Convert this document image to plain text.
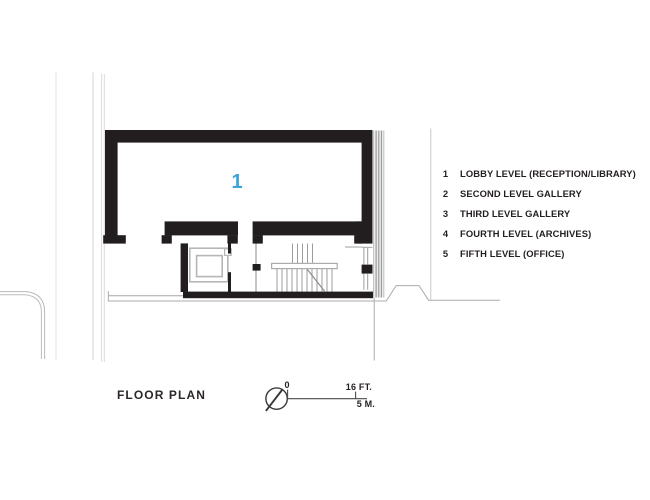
1	1	LOBBY LEVEL (RECEPTION/LIBRARY)
2	SECOND LEVEL GALLERY
3	THIRD LEVEL GALLERY
4	FOURTH LEVEL (ARCHIVES)
5	FIFTH LEVEL (OFFICE)
FLOOR PLAN
0	16 FT.
5 M.
